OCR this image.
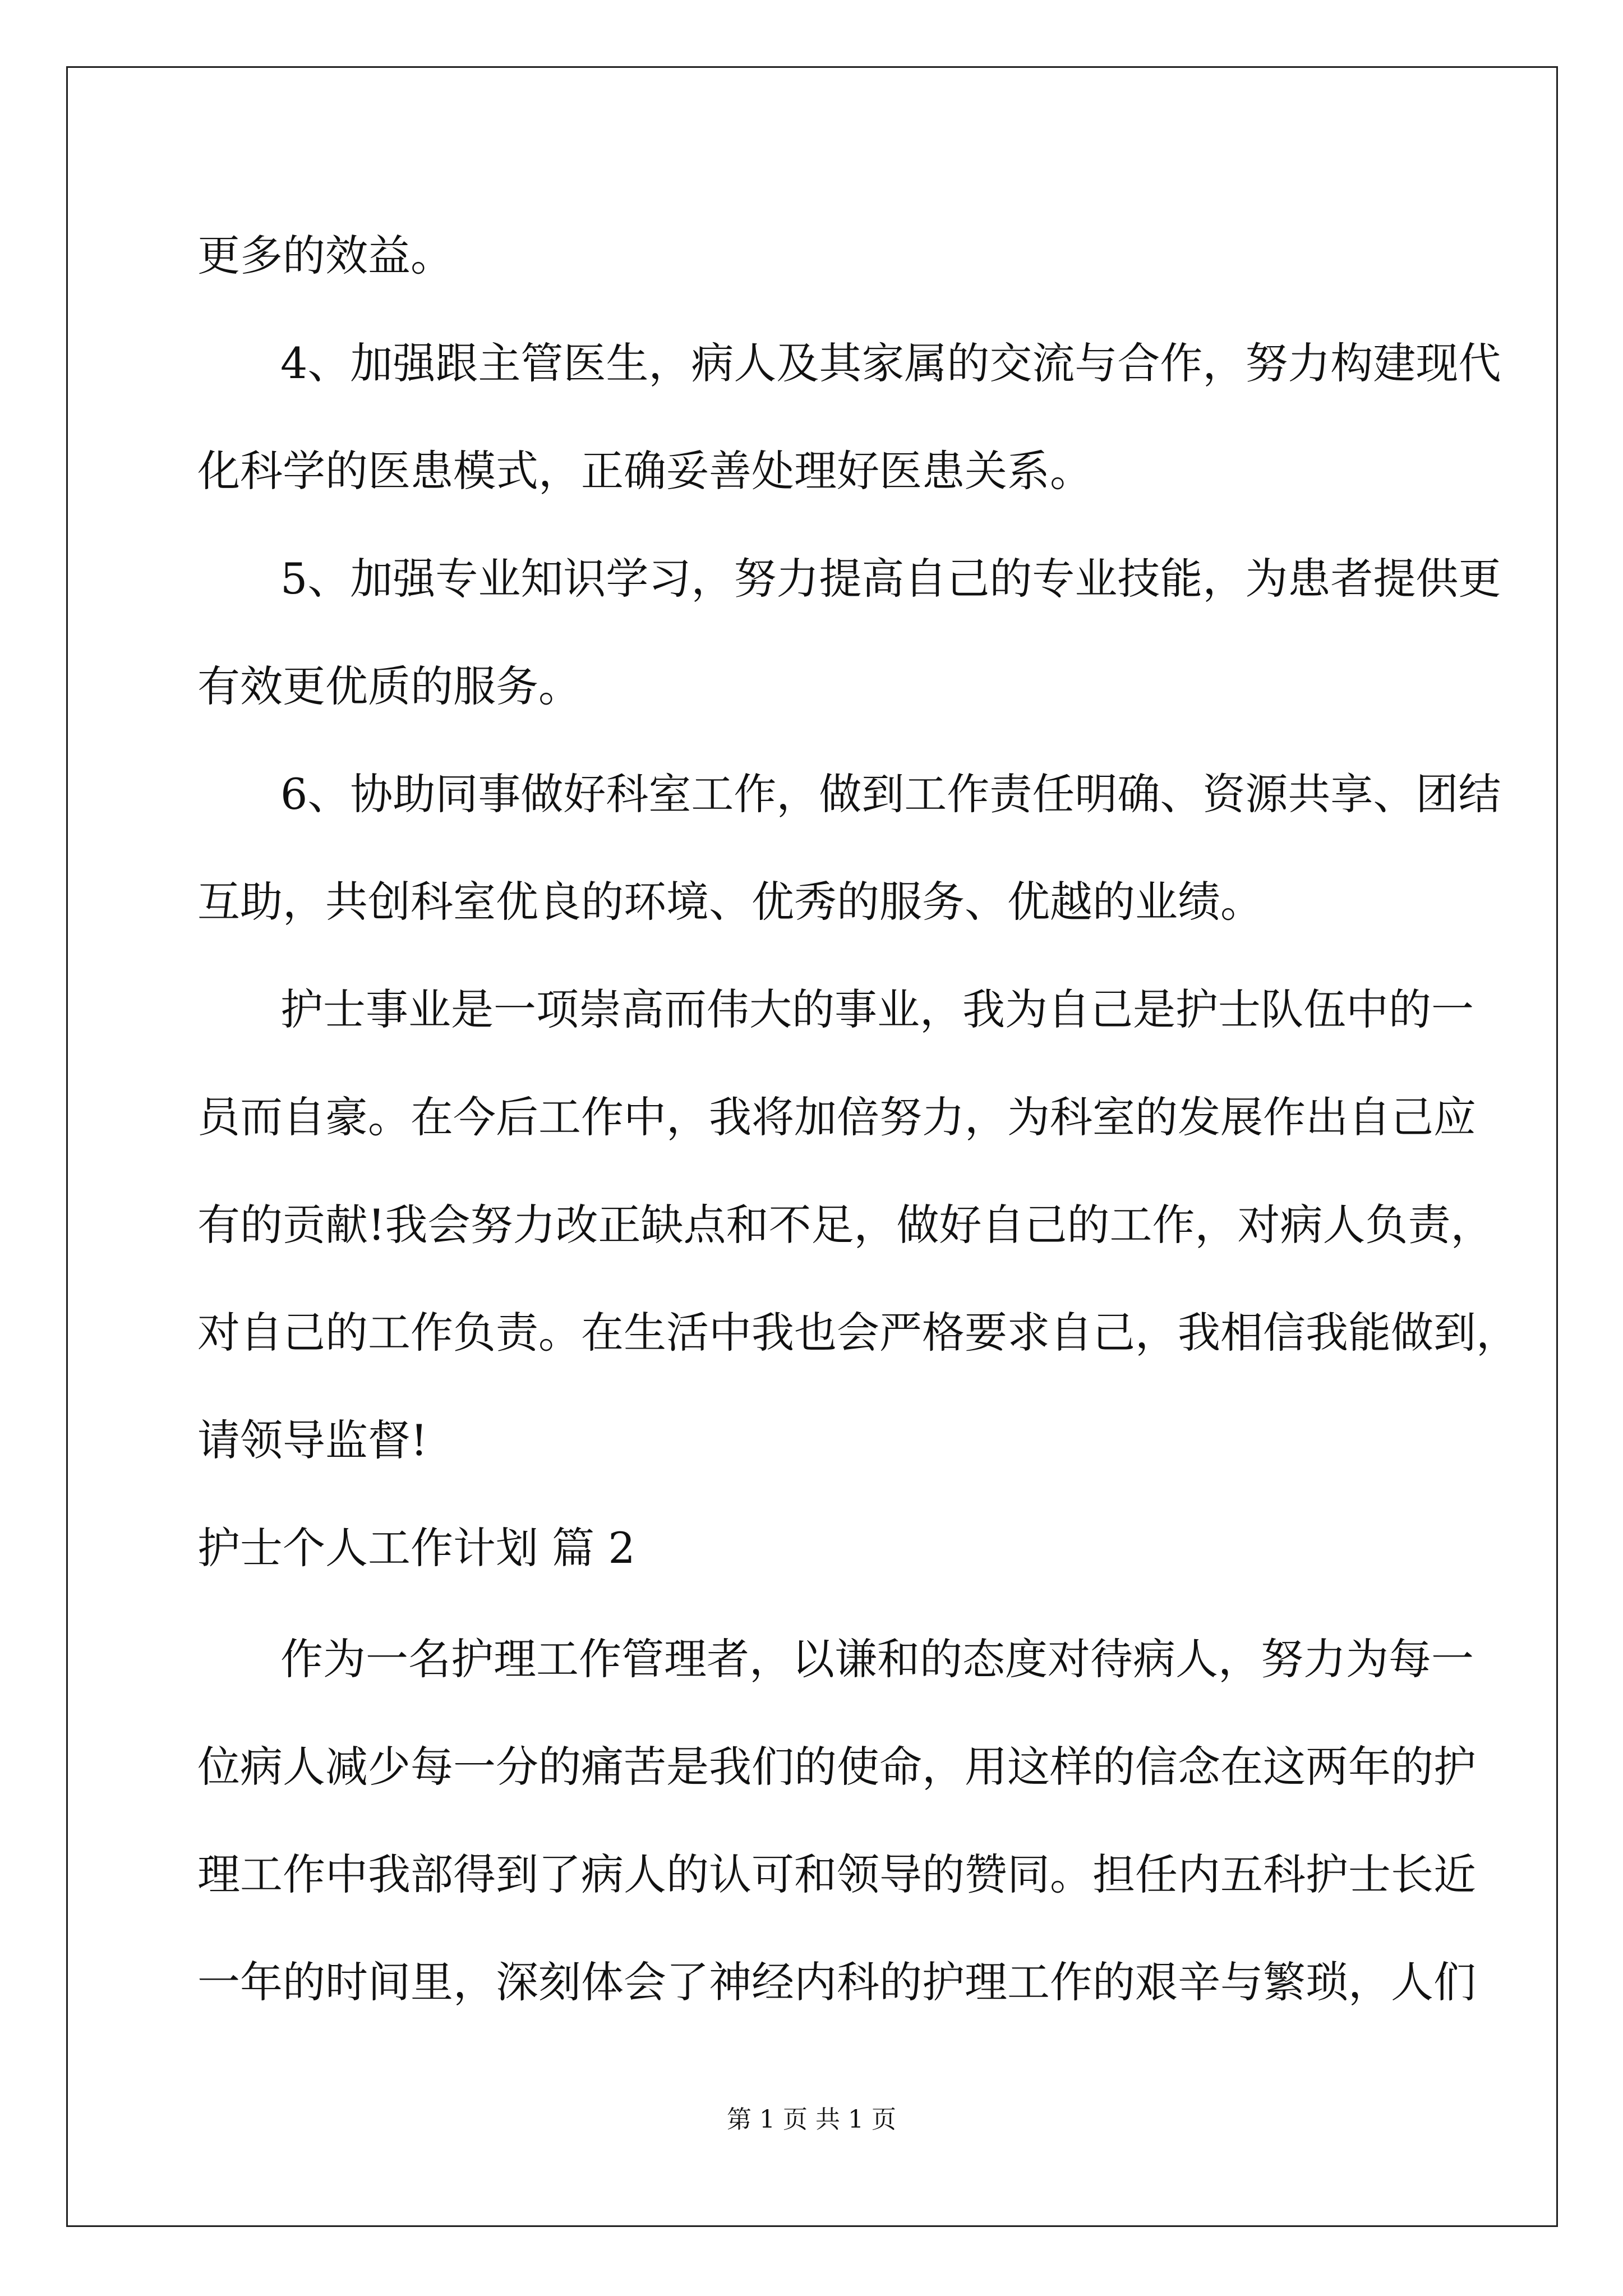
更多的效益。
4、加强跟主管医生，病人及其家属的交流与合作，努力构建现代
化科学的医患模式，正确妥善处理好医患关系。
5、加强专业知识学习，努力提高自己的专业技能，为患者提供更
有效更优质的服务。
6、协助同事做好科室工作，做到工作责任明确、资源共享、团结
互助，共创科室优良的环境、优秀的服务、优越的业绩。
护士事业是一项崇高而伟大的事业，我为自己是护士队伍中的一
员而自豪。在今后工作中，我将加倍努力，为科室的发展作出自己应
有的贡献!我会努力改正缺点和不足，做好自己的工作，对病人负责，
对自己的工作负责。在生活中我也会严格要求自己，我相信我能做到，
请领导监督!
护士个人工作计划 篇 2
作为一名护理工作管理者，以谦和的态度对待病人，努力为每一
位病人减少每一分的痛苦是我们的使命，用这样的信念在这两年的护
理工作中我部得到了病人的认可和领导的赞同。担任内五科护士长近
一年的时间里，深刻体会了神经内科的护理工作的艰辛与繁琐，人们
第 1 页 共 1 页
